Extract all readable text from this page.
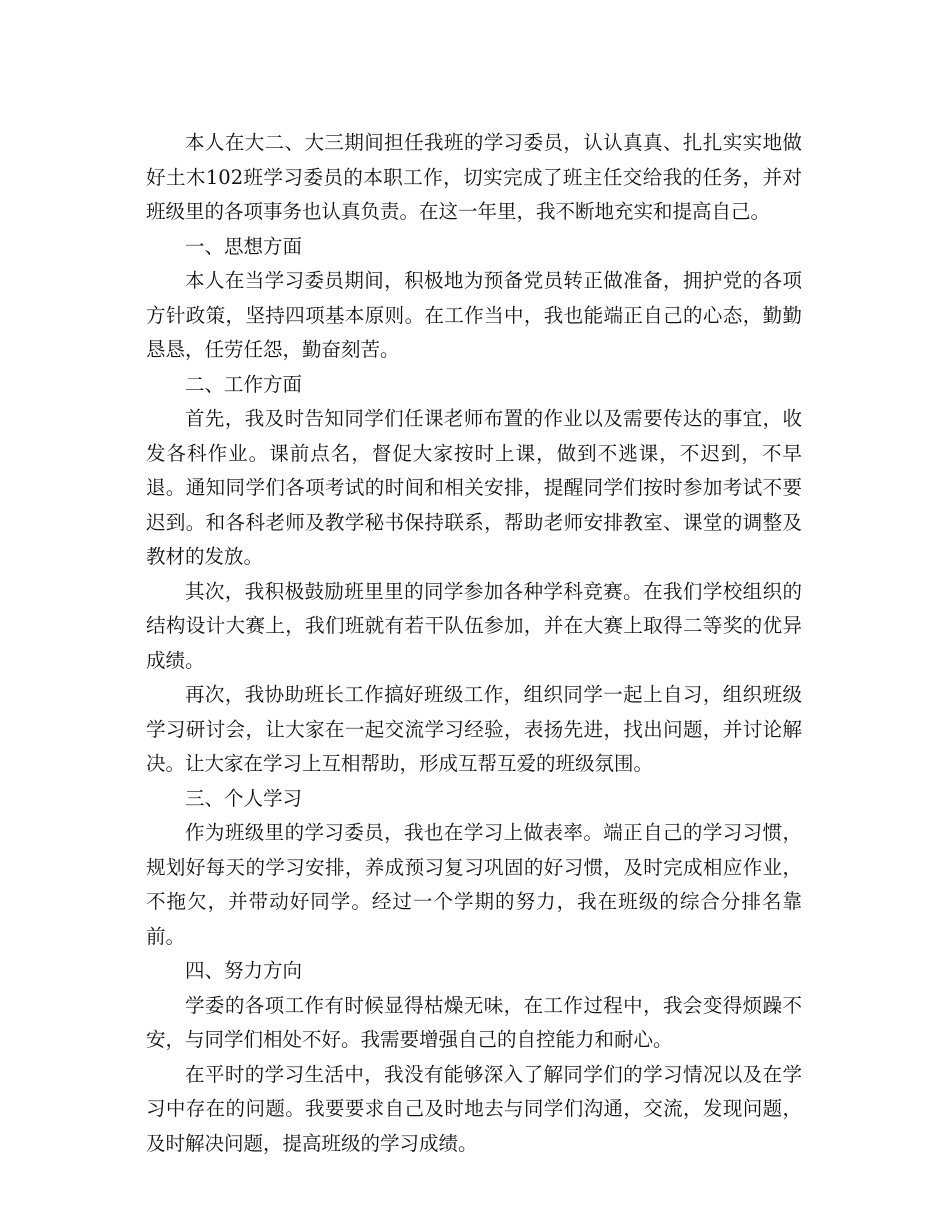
本人在大二、大三期间担任我班的学习委员，认认真真、扎扎实实地做好土木102班学习委员的本职工作，切实完成了班主任交给我的任务，并对班级里的各项事务也认真负责。在这一年里，我不断地充实和提高自己。

一、思想方面

本人在当学习委员期间，积极地为预备党员转正做准备，拥护党的各项方针政策，坚持四项基本原则。在工作当中，我也能端正自己的心态，勤勤恳恳，任劳任怨，勤奋刻苦。

二、工作方面

首先，我及时告知同学们任课老师布置的作业以及需要传达的事宜，收发各科作业。课前点名，督促大家按时上课，做到不逃课，不迟到，不早退。通知同学们各项考试的时间和相关安排，提醒同学们按时参加考试不要迟到。和各科老师及教学秘书保持联系，帮助老师安排教室、课堂的调整及教材的发放。

其次，我积极鼓励班里里的同学参加各种学科竞赛。在我们学校组织的结构设计大赛上，我们班就有若干队伍参加，并在大赛上取得二等奖的优异成绩。

再次，我协助班长工作搞好班级工作，组织同学一起上自习，组织班级学习研讨会，让大家在一起交流学习经验，表扬先进，找出问题，并讨论解决。让大家在学习上互相帮助，形成互帮互爱的班级氛围。

三、个人学习

作为班级里的学习委员，我也在学习上做表率。端正自己的学习习惯，规划好每天的学习安排，养成预习复习巩固的好习惯，及时完成相应作业，不拖欠，并带动好同学。经过一个学期的努力，我在班级的综合分排名靠前。

四、努力方向

学委的各项工作有时候显得枯燥无味，在工作过程中，我会变得烦躁不安，与同学们相处不好。我需要增强自己的自控能力和耐心。

在平时的学习生活中，我没有能够深入了解同学们的学习情况以及在学习中存在的问题。我要要求自己及时地去与同学们沟通，交流，发现问题，及时解决问题，提高班级的学习成绩。
